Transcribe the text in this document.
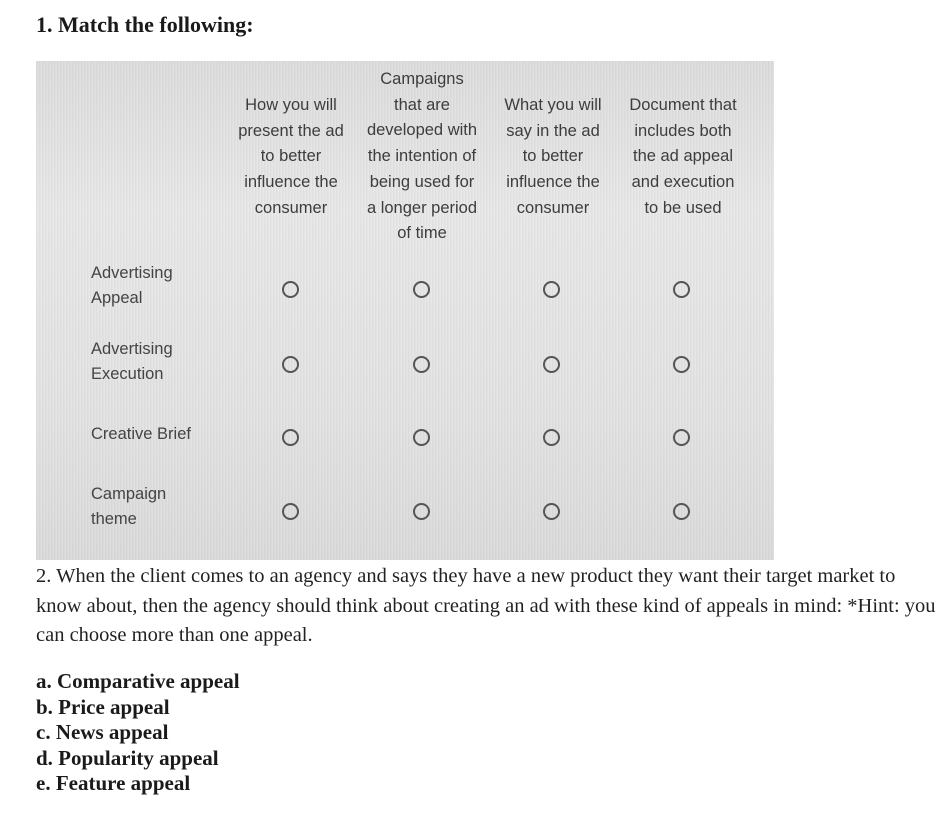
1. Match the following:
How you will
present the ad
to better
influence the
consumer
Campaigns
that are
developed with
the intention of
being used for
a longer period
of time
What you will
say in the ad
to better
influence the
consumer
Document that
includes both
the ad appeal
and execution
to be used
Advertising
Appeal
Advertising
Execution
Creative Brief
Campaign
theme

2. When the client comes to an agency and says they have a new product they want their target market to know about, then the agency should think about creating an ad with these kind of appeals in mind: *Hint: you can choose more than one appeal.

a. Comparative appeal
b. Price appeal
c. News appeal
d. Popularity appeal
e. Feature appeal
